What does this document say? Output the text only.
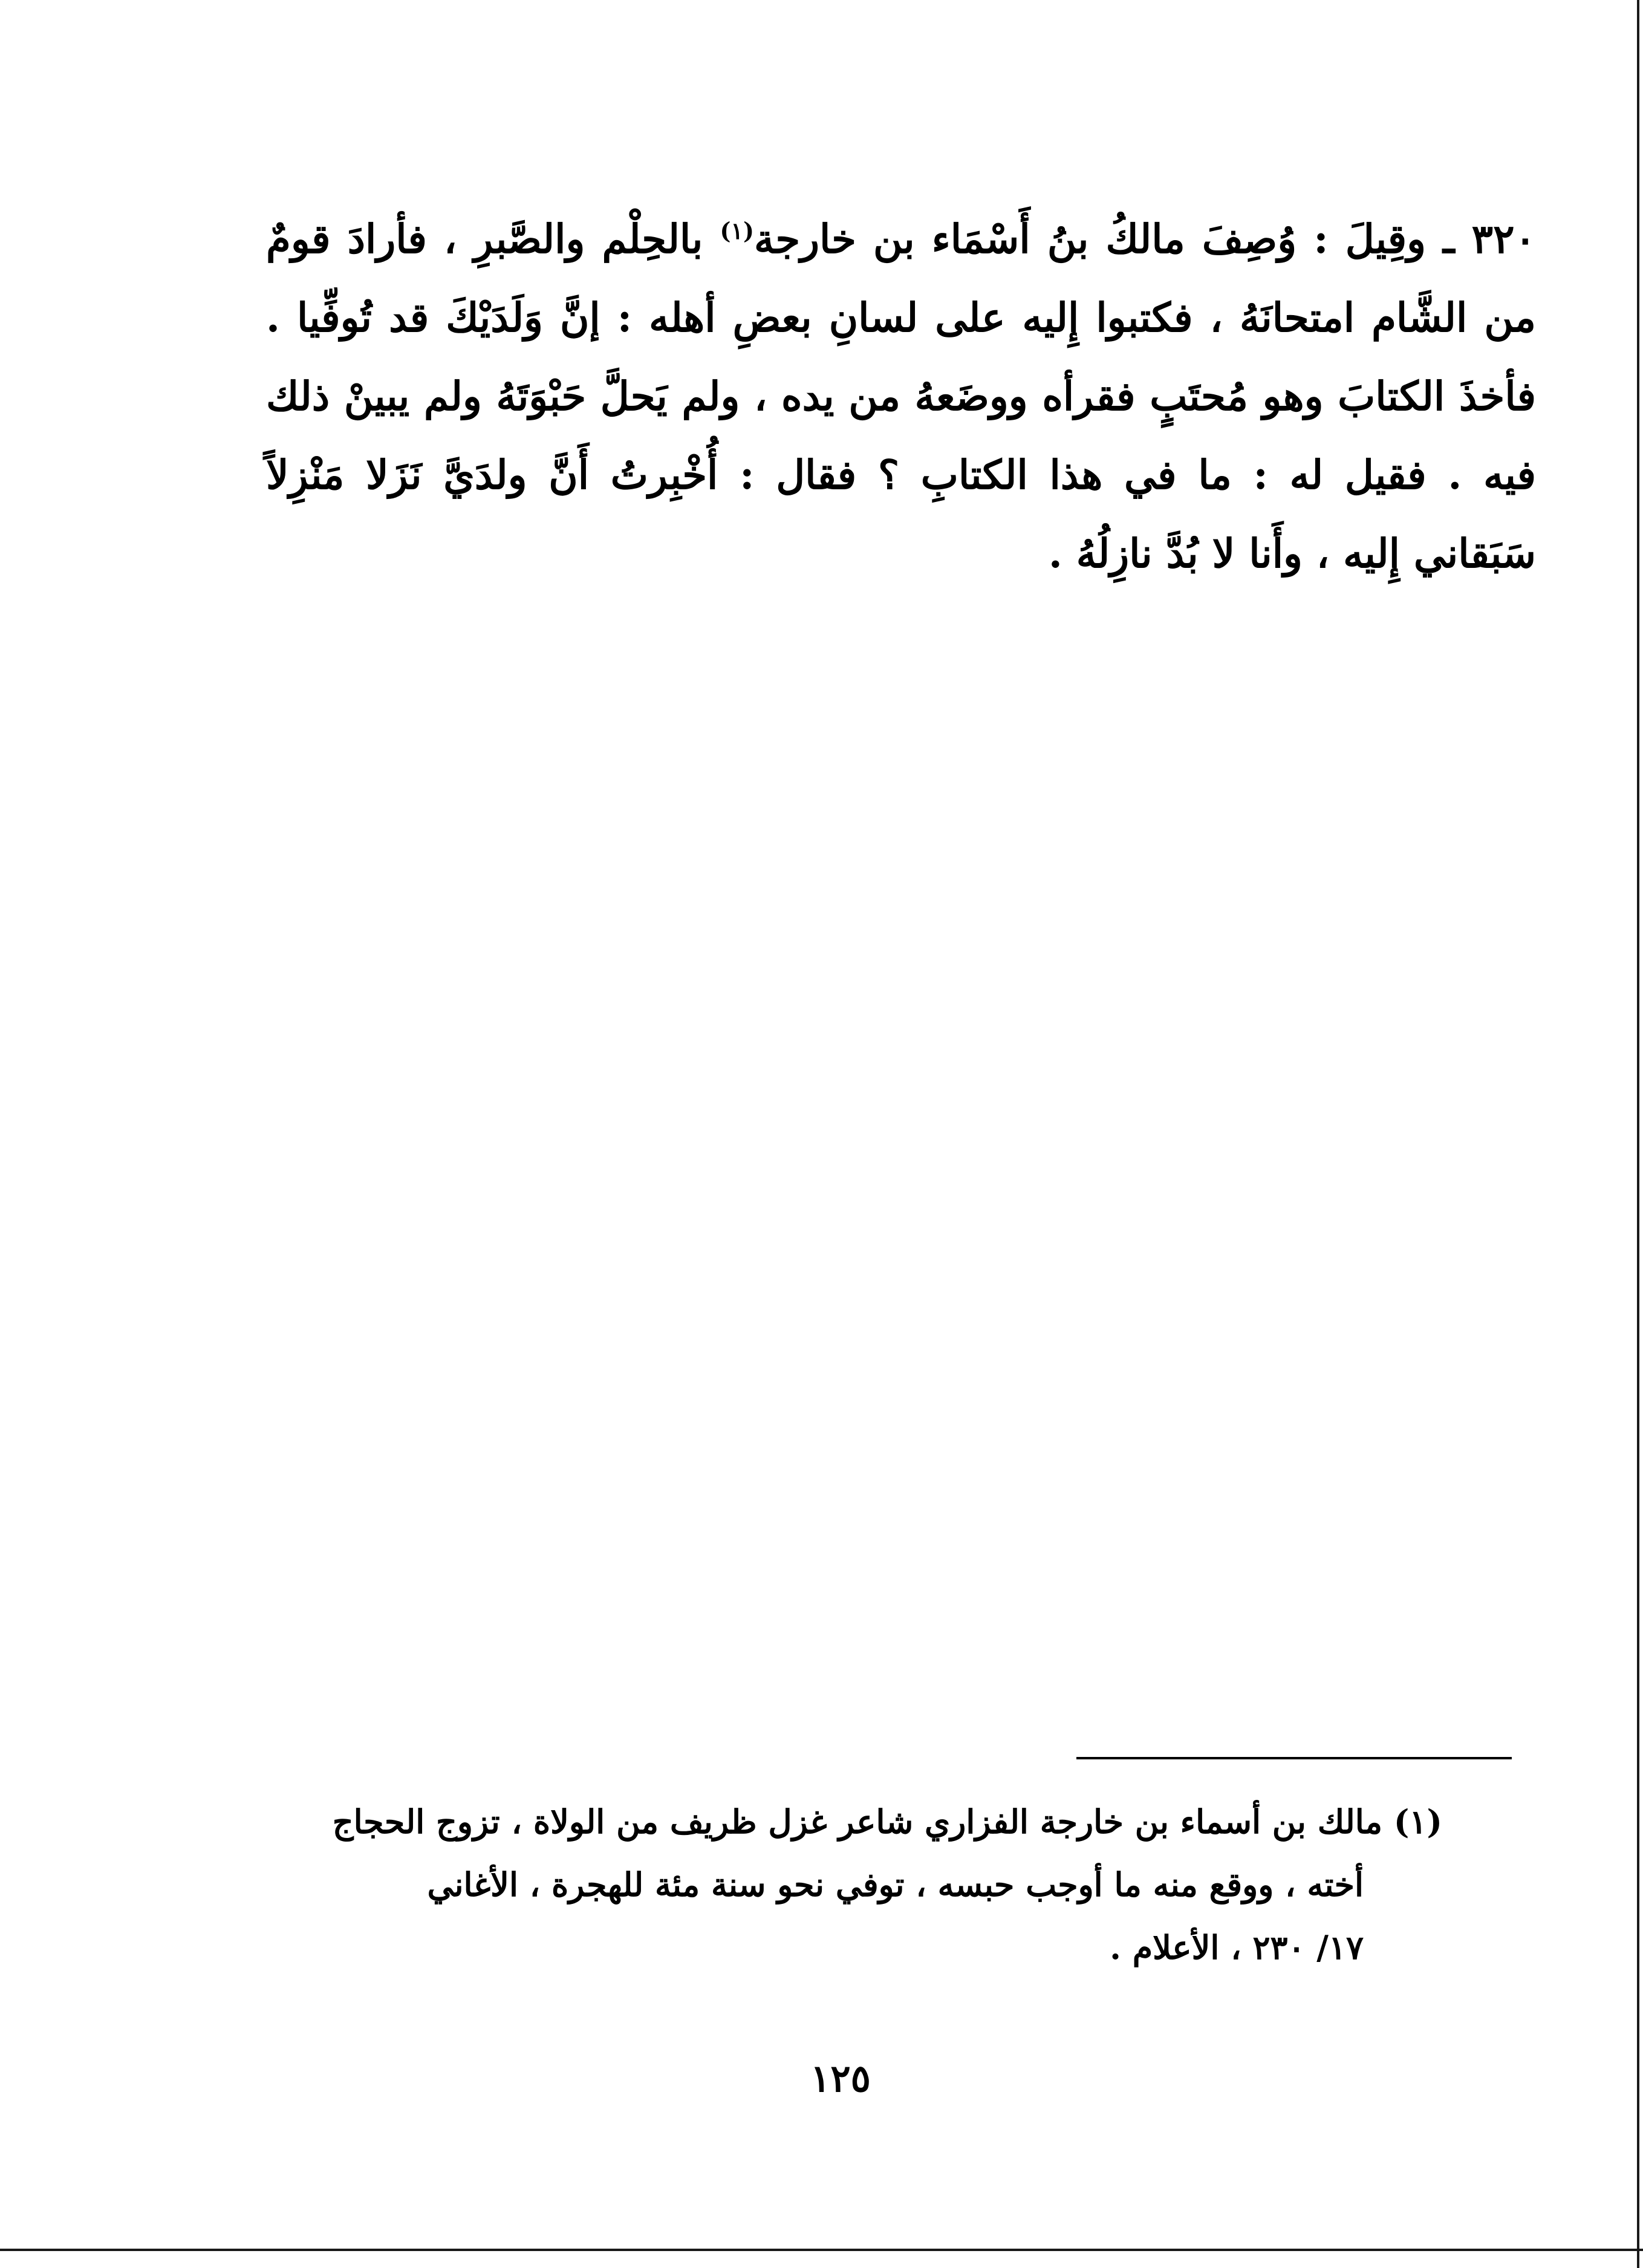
٣٢٠ ـ وقِيلَ : وُصِفَ مالكُ بنُ أَسْمَاء بن خارجة$^{(١)}$ بالحِلْم والصَّبرِ ، فأرادَ قومٌ من الشَّام امتحانَهُ ، فكتبوا إِليه على لسانِ بعضِ أهله : إنَّ وَلَدَيْكَ قد تُوفِّيا . فأخذَ الكتابَ وهو مُحتَبٍ فقرأه ووضَعهُ من يده ، ولم يَحلَّ حَبْوَتَهُ ولم يبينْ ذلك فيه . فقيل له : ما في هذا الكتابِ ؟ فقال : أُخْبِرتُ أَنَّ ولدَيَّ نَزَلا مَنْزِلاً سَبَقاني إِليه ، وأَنا لا بُدَّ نازِلُهُ .
(١) مالك بن أسماء بن خارجة الفزاري شاعر غزل ظريف من الولاة ، تزوج الحجاج
أخته ، ووقع منه ما أوجب حبسه ، توفي نحو سنة مئة للهجرة ، الأغاني
١٧/ ٢٣٠ ، الأعلام .
١٢٥
